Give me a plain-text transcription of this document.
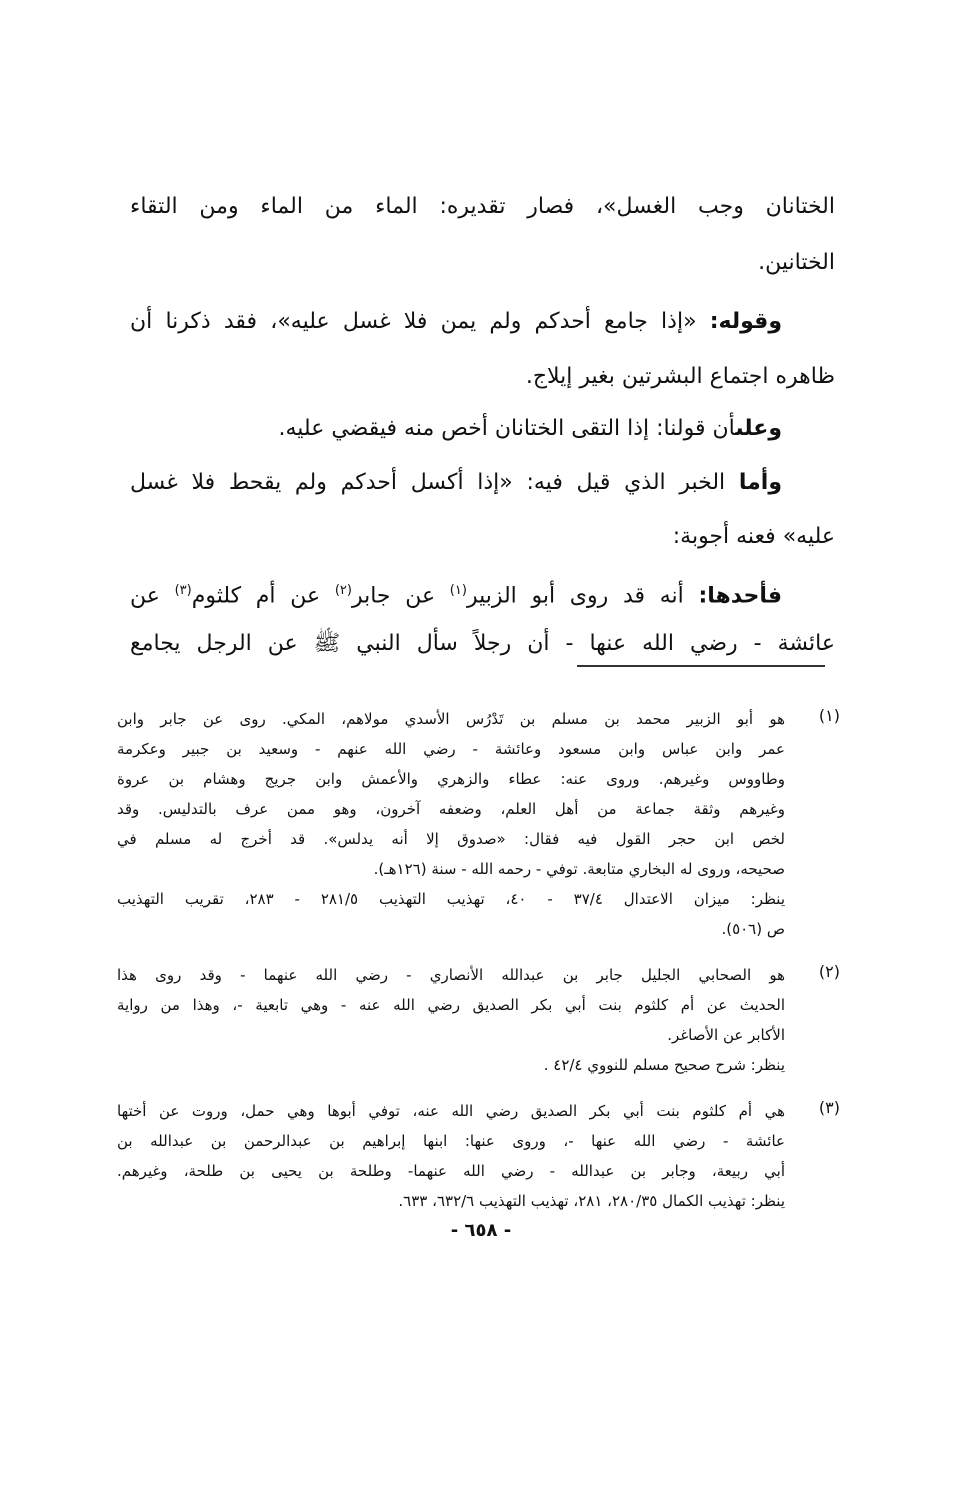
الختانان وجب الغسل»، فصار تقديره: الماء من الماء ومن التقاء
الختانين.
وقوله: «إذا جامع أحدكم ولم يمن فلا غسل عليه»، فقد ذكرنا أن
ظاهره اجتماع البشرتين بغير إيلاج.
وعلىأن قولنا: إذا التقى الختانان أخص منه فيقضي عليه.
وأما الخبر الذي قيل فيه: «إذا أكسل أحدكم ولم يقحط فلا غسل
عليه» فعنه أجوبة:
فأحدها: أنه قد روى أبو الزبير$^{(١)}$ عن جابر$^{(٢)}$ عن أم كلثوم$^{(٣)}$ عن
عائشة - رضي الله عنها - أن رجلاً سأل النبي ﷺ عن الرجل يجامع
(١)
هو أبو الزبير محمد بن مسلم بن تَدْرُس الأسدي مولاهم، المكي. روى عن جابر وابن
عمر وابن عباس وابن مسعود وعائشة - رضي الله عنهم - وسعيد بن جبير وعكرمة
وطاووس وغيرهم. وروى عنه: عطاء والزهري والأعمش وابن جريج وهشام بن عروة
وغيرهم وثقة جماعة من أهل العلم، وضعفه آخرون، وهو ممن عرف بالتدليس. وقد
لخص ابن حجر القول فيه فقال: «صدوق إلا أنه يدلس». قد أخرج له مسلم في
صحيحه، وروى له البخاري متابعة. توفي - رحمه الله - سنة (١٢٦هـ).
ينظر: ميزان الاعتدال ٣٧/٤ - ٤٠، تهذيب التهذيب ٢٨١/٥ - ٢٨٣، تقريب التهذيب
ص (٥٠٦).
(٢)
هو الصحابي الجليل جابر بن عبدالله الأنصاري - رضي الله عنهما - وقد روى هذا
الحديث عن أم كلثوم بنت أبي بكر الصديق رضي الله عنه - وهي تابعية -، وهذا من رواية
الأكابر عن الأصاغر.
ينظر: شرح صحيح مسلم للنووي ٤٢/٤ .
(٣)
هي أم كلثوم بنت أبي بكر الصديق رضي الله عنه، توفي أبوها وهي حمل، وروت عن أختها
عائشة - رضي الله عنها -، وروى عنها: ابنها إبراهيم بن عبدالرحمن بن عبدالله بن
أبي ربيعة، وجابر بن عبدالله - رضي الله عنهما- وطلحة بن يحيى بن طلحة، وغيرهم.
ينظر: تهذيب الكمال ٢٨٠/٣٥، ٢٨١، تهذيب التهذيب ٦٣٢/٦، ٦٣٣.
- ٦٥٨ -
